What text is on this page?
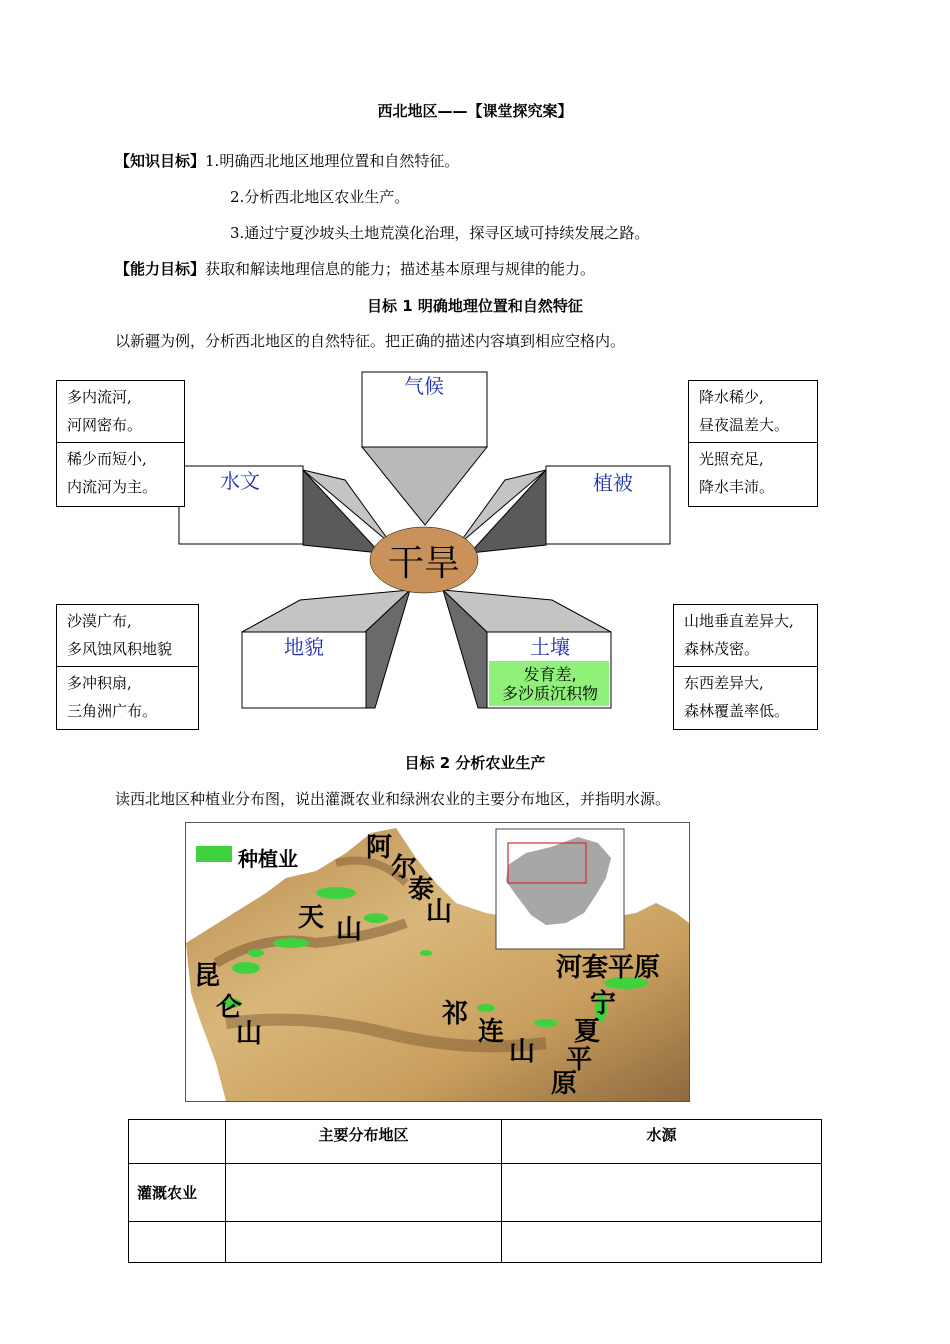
西北地区——【课堂探究案】
【知识目标】1.明确西北地区地理位置和自然特征。
2.分析西北地区农业生产。
3.通过宁夏沙坡头土地荒漠化治理，探寻区域可持续发展之路。
【能力目标】获取和解读地理信息的能力；描述基本原理与规律的能力。
目标 1 明确地理位置和自然特征
以新疆为例，分析西北地区的自然特征。把正确的描述内容填到相应空格内。
气候
水文	植被
地貌	土壤
发育差,
多沙质沉积物
干旱
多内流河,
河网密布。
稀少而短小,
内流河为主。
降水稀少,
昼夜温差大。
光照充足,
降水丰沛。
沙漠广布,
多风蚀风积地貌
多冲积扇,
三角洲广布。
山地垂直差异大,
森林茂密。
东西差异大,
森林覆盖率低。
目标 2 分析农业生产
读西北地区种植业分布图，说出灌溉农业和绿洲农业的主要分布地区，并指明水源。
种植业	阿
尔
泰
山
天 山
昆
仑
山
祁
连
山
河套平原
宁
夏
平
原
	主要分布地区	水源
灌溉农业		
